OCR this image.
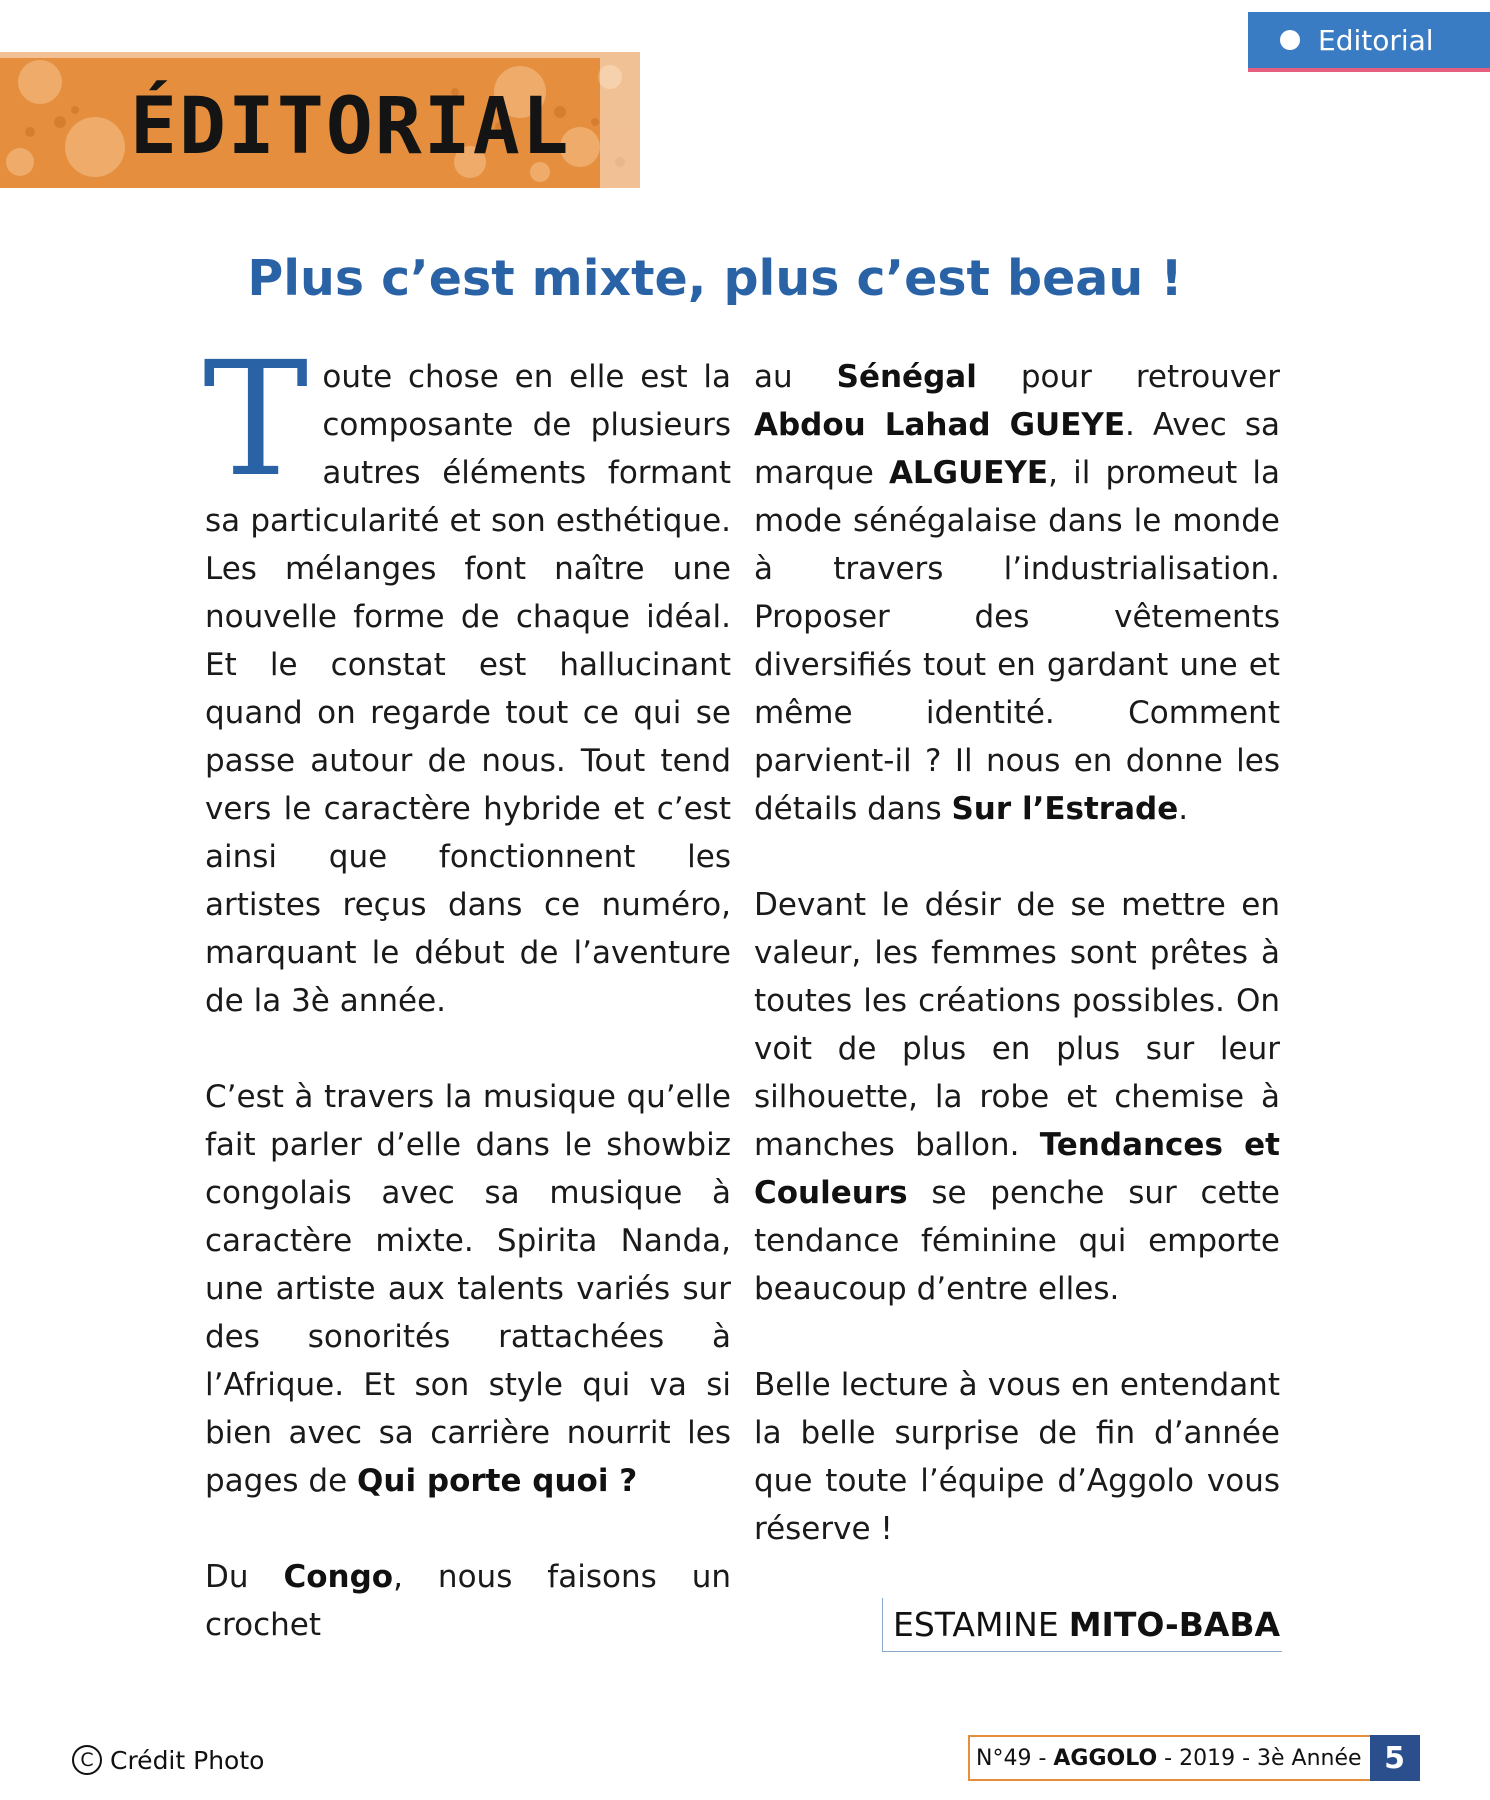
Editorial
ÉDITORIAL
Plus c’est mixte, plus c’est beau !

Toute chose en elle est la composante de plusieurs autres éléments formant sa particularité et son esthétique. Les mélanges font naître une nouvelle forme de chaque idéal. Et le constat est hallucinant quand on regarde tout ce qui se passe autour de nous. Tout tend vers le caractère hybride et c’est ainsi que fonctionnent les artistes reçus dans ce numéro, marquant le début de l’aventure de la 3è année.

C’est à travers la musique qu’elle fait parler d’elle dans le showbiz congolais avec sa musique à caractère mixte. Spirita Nanda, une artiste aux talents variés sur des sonorités rattachées à l’Afrique. Et son style qui va si bien avec sa carrière nourrit les pages de Qui porte quoi ?

Du Congo, nous faisons un crochet

au Sénégal pour retrouver Abdou Lahad GUEYE. Avec sa marque ALGUEYE, il promeut la mode sénégalaise dans le monde à travers l’industrialisation. Proposer des vêtements diversifiés tout en gardant une et même identité. Comment parvient-il ? Il nous en donne les détails dans Sur l’Estrade.

Devant le désir de se mettre en valeur, les femmes sont prêtes à toutes les créations possibles. On voit de plus en plus sur leur silhouette, la robe et chemise à manches ballon. Tendances et Couleurs se penche sur cette tendance féminine qui emporte beaucoup d’entre elles.

Belle lecture à vous en entendant la belle surprise de fin d’année que toute l’équipe d’Aggolo vous réserve !

ESTAMINE MITO-BABA
C Crédit Photo	N°49 - AGGOLO - 2019 - 3è Année 5
